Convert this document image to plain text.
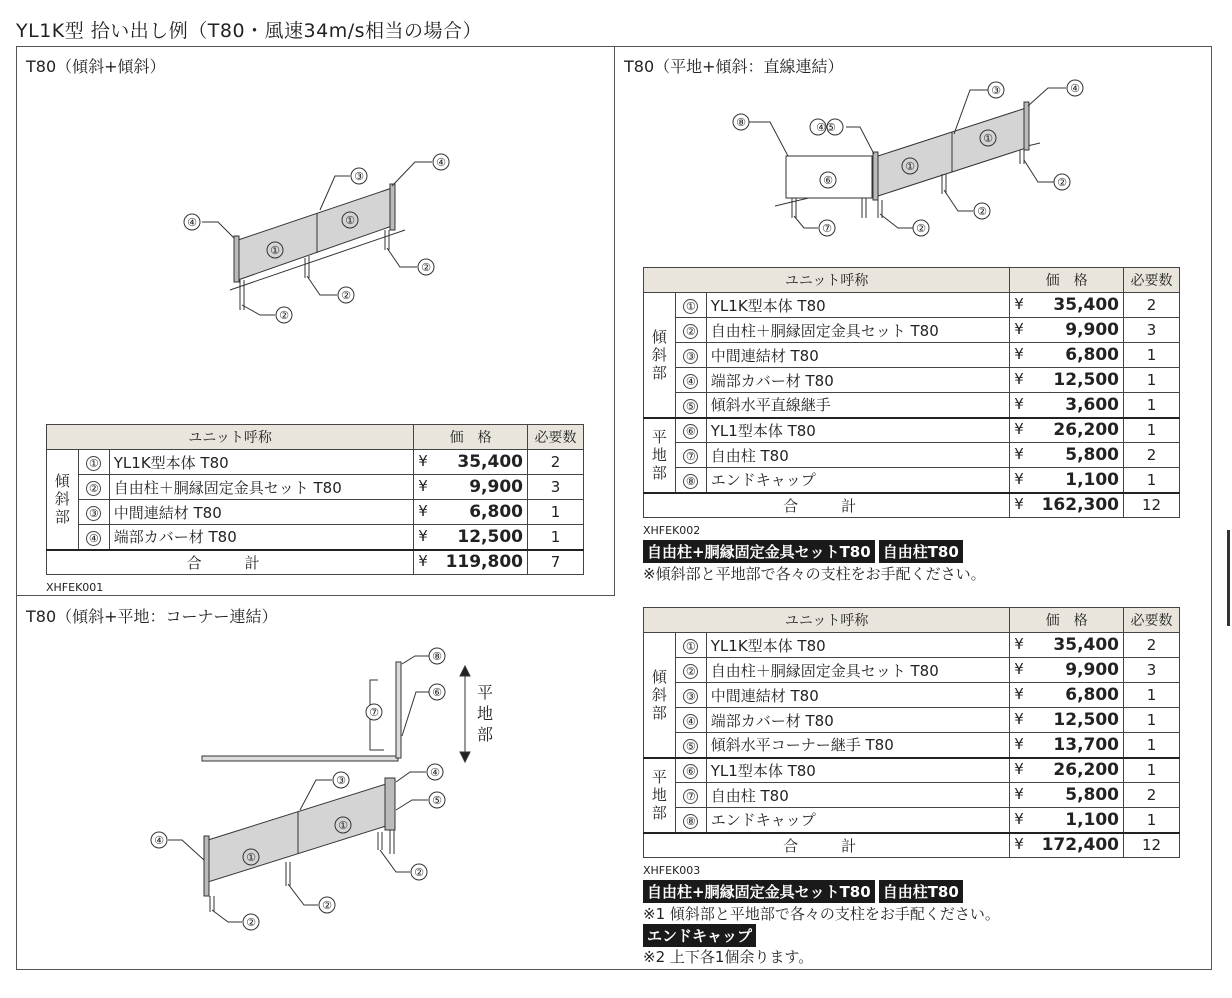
YL1K型 拾い出し例（T80・風速34m/s相当の場合）
T80（傾斜+傾斜）
④
③
①
①
④
②
②
②
ユニット呼称			価　格	必要数
傾
斜
部	①	YL1K型本体 T80	¥ 35,400	2
	②	自由柱＋胴縁固定金具セット T80	¥ 9,900	3
	③	中間連結材 T80	¥ 6,800	1
	④	端部カバー材 T80	¥ 12,500	1
合　計			¥ 119,800	7
XHFEK001
T80（平地+傾斜：直線連結）
⑧	④⑤
③	④
①
①
⑥	②
②
⑦	②
ユニット呼称			価　格	必要数
傾
斜
部	①	YL1K型本体 T80	¥ 35,400	2
	②	自由柱＋胴縁固定金具セット T80	¥ 9,900	3
	③	中間連結材 T80	¥ 6,800	1
	④	端部カバー材 T80	¥ 12,500	1
	⑤	傾斜水平直線継手	¥ 3,600	1
平
地
部	⑥	YL1型本体 T80	¥ 26,200	1
	⑦	自由柱 T80	¥ 5,800	2
	⑧	エンドキャップ	¥ 1,100	1
合　計			¥ 162,300	12
XHFEK002
自由柱+胴縁固定金具セットT80 自由柱T80
※傾斜部と平地部で各々の支柱をお手配ください。
T80（傾斜+平地：コーナー連結）
⑧
⑥
⑦
③
④
⑤
④
①
①
②
②
②
平
地
部
ユニット呼称			価　格	必要数
傾
斜
部	①	YL1K型本体 T80	¥ 35,400	2
	②	自由柱＋胴縁固定金具セット T80	¥ 9,900	3
	③	中間連結材 T80	¥ 6,800	1
	④	端部カバー材 T80	¥ 12,500	1
	⑤	傾斜水平コーナー継手 T80	¥ 13,700	1
平
地
部	⑥	YL1型本体 T80	¥ 26,200	1
	⑦	自由柱 T80	¥ 5,800	2
	⑧	エンドキャップ	¥ 1,100	1
合　計			¥ 172,400	12
XHFEK003
自由柱+胴縁固定金具セットT80 自由柱T80
※1 傾斜部と平地部で各々の支柱をお手配ください。
エンドキャップ
※2 上下各1個余ります。
